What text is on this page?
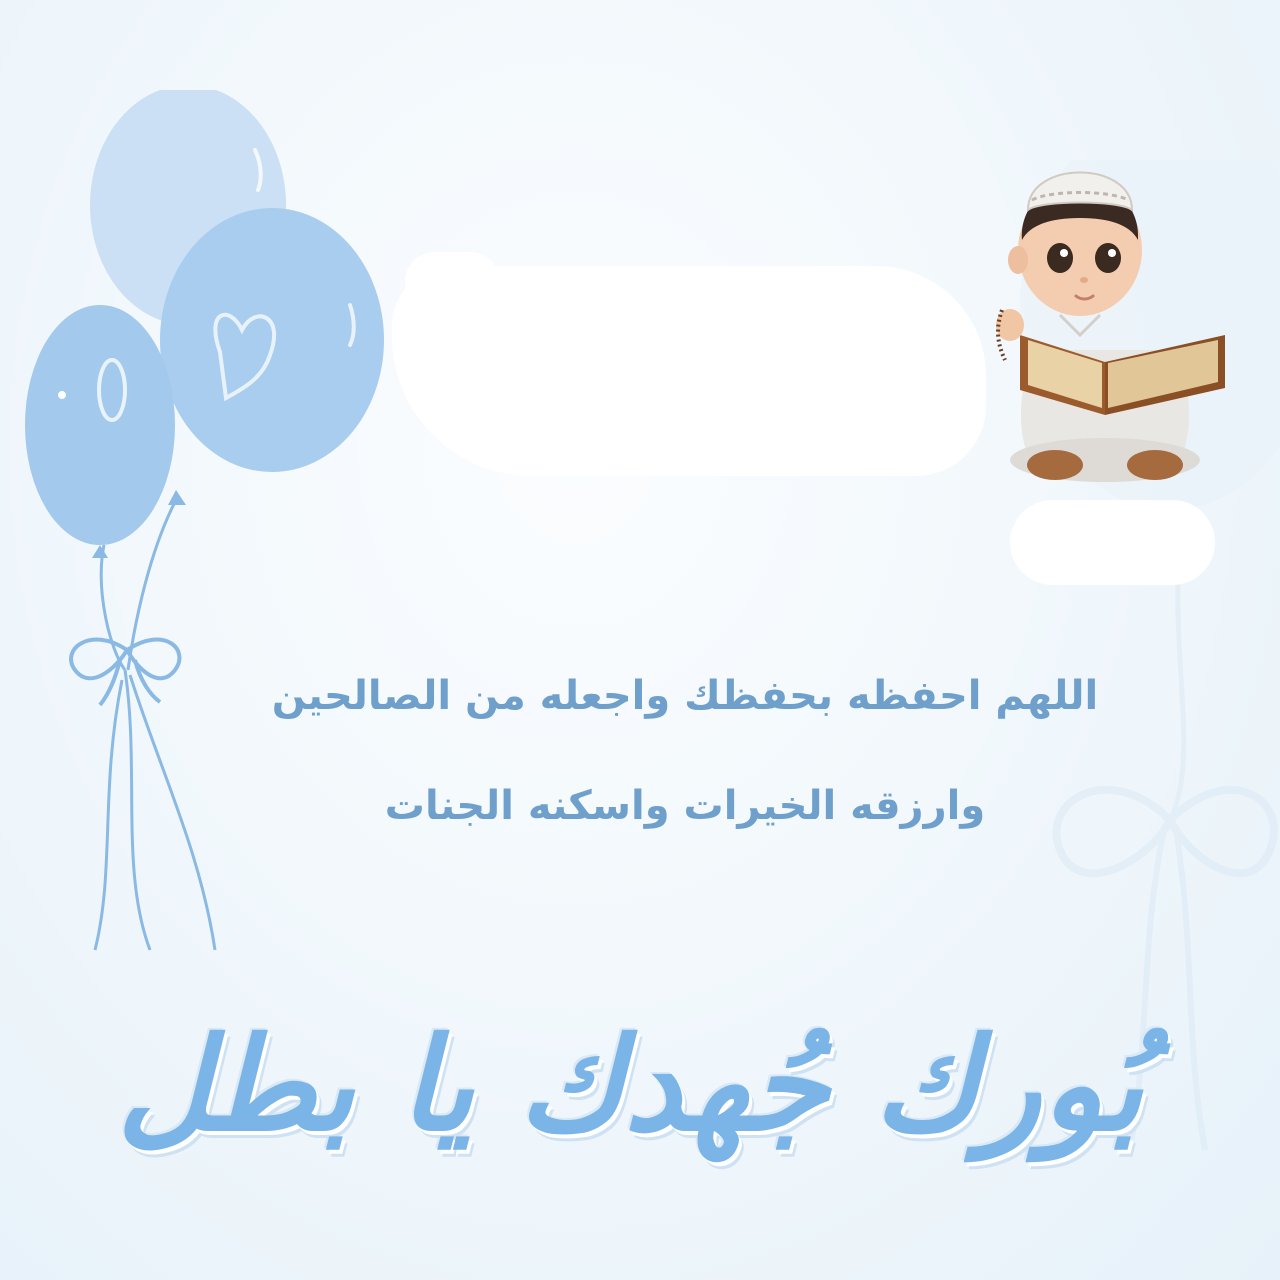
اللهم احفظه بحفظك واجعله من الصالحين
وارزقه الخيرات واسكنه الجنات
بُورك جُهدك يا بطل
